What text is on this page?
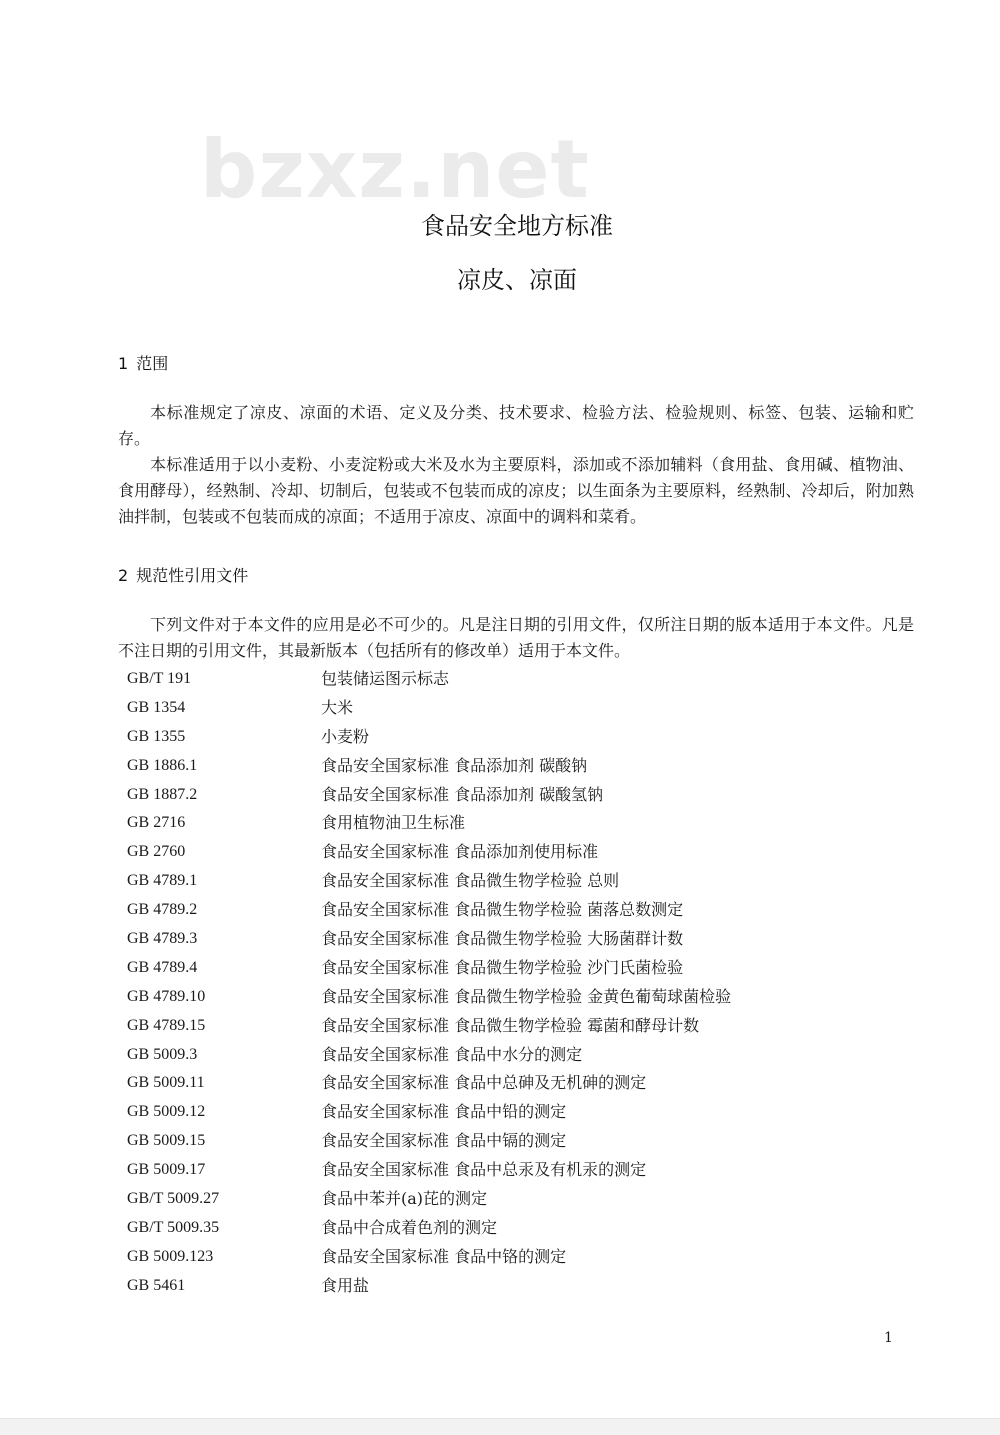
bzxz.net
食品安全地方标准
凉皮、凉面
1 范围

本标准规定了凉皮、凉面的术语、定义及分类、技术要求、检验方法、检验规则、标签、包装、运输和贮存。

本标准适用于以小麦粉、小麦淀粉或大米及水为主要原料，添加或不添加辅料（食用盐、食用碱、植物油、食用酵母），经熟制、冷却、切制后，包装或不包装而成的凉皮；以生面条为主要原料，经熟制、冷却后，附加熟油拌制，包装或不包装而成的凉面；不适用于凉皮、凉面中的调料和菜肴。

2 规范性引用文件

下列文件对于本文件的应用是必不可少的。凡是注日期的引用文件，仅所注日期的版本适用于本文件。凡是不注日期的引用文件，其最新版本（包括所有的修改单）适用于本文件。

GB/T 191	包装储运图示标志
GB 1354	大米
GB 1355	小麦粉
GB 1886.1	食品安全国家标准 食品添加剂 碳酸钠
GB 1887.2	食品安全国家标准 食品添加剂 碳酸氢钠
GB 2716	食用植物油卫生标准
GB 2760	食品安全国家标准 食品添加剂使用标准
GB 4789.1	食品安全国家标准 食品微生物学检验 总则
GB 4789.2	食品安全国家标准 食品微生物学检验 菌落总数测定
GB 4789.3	食品安全国家标准 食品微生物学检验 大肠菌群计数
GB 4789.4	食品安全国家标准 食品微生物学检验 沙门氏菌检验
GB 4789.10	食品安全国家标准 食品微生物学检验 金黄色葡萄球菌检验
GB 4789.15	食品安全国家标准 食品微生物学检验 霉菌和酵母计数
GB 5009.3	食品安全国家标准 食品中水分的测定
GB 5009.11	食品安全国家标准 食品中总砷及无机砷的测定
GB 5009.12	食品安全国家标准 食品中铅的测定
GB 5009.15	食品安全国家标准 食品中镉的测定
GB 5009.17	食品安全国家标准 食品中总汞及有机汞的测定
GB/T 5009.27	食品中苯并(a)芘的测定
GB/T 5009.35	食品中合成着色剂的测定
GB 5009.123	食品安全国家标准 食品中铬的测定
GB 5461	食用盐
1
